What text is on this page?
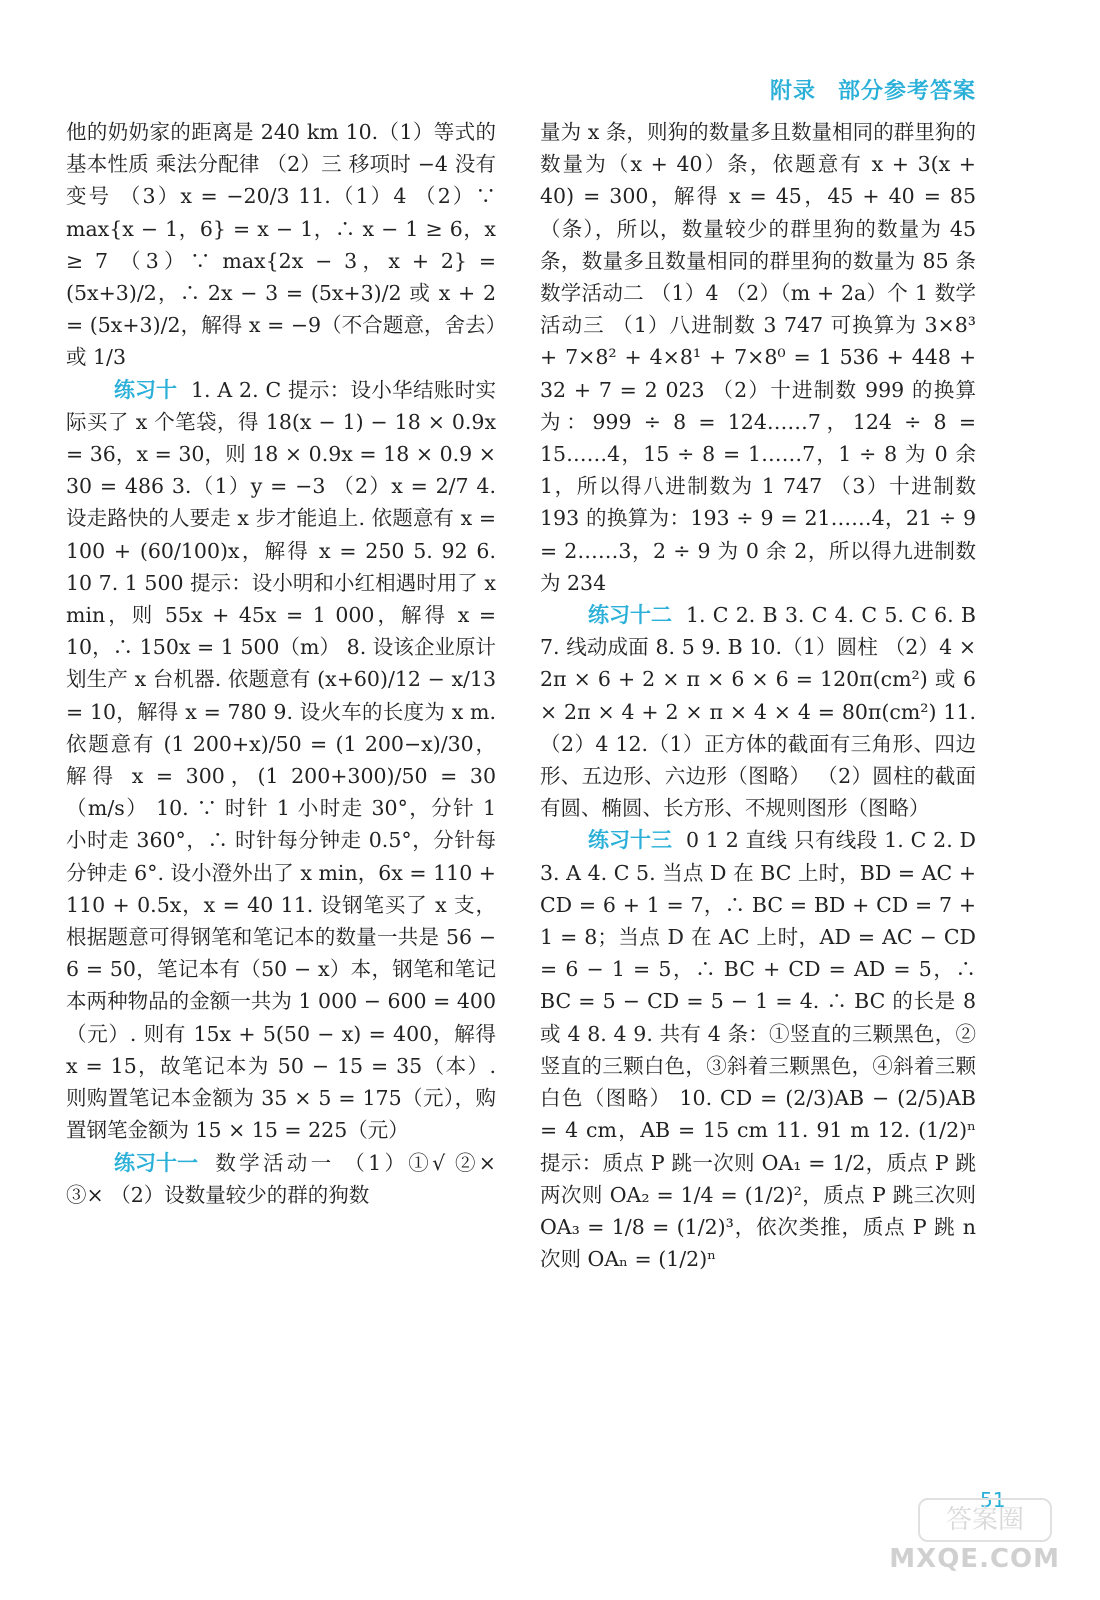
附录 部分参考答案

他的奶奶家的距离是 240 km 10.（1）等式的基本性质 乘法分配律 （2）三 移项时 −4 没有变号 （3）x = −20/3 11.（1）4 （2）∵ max{x − 1，6} = x − 1，∴ x − 1 ≥ 6，x ≥ 7 （3）∵ max{2x − 3，x + 2} = (5x+3)/2，∴ 2x − 3 = (5x+3)/2 或 x + 2 = (5x+3)/2，解得 x = −9（不合题意，舍去）或 1/3

练习十 1. A 2. C 提示：设小华结账时实际买了 x 个笔袋，得 18(x − 1) − 18 × 0.9x = 36，x = 30，则 18 × 0.9x = 18 × 0.9 × 30 = 486 3.（1）y = −3 （2）x = 2/7 4. 设走路快的人要走 x 步才能追上. 依题意有 x = 100 + (60/100)x，解得 x = 250 5. 92 6. 10 7. 1 500 提示：设小明和小红相遇时用了 x min，则 55x + 45x = 1 000，解得 x = 10，∴ 150x = 1 500（m） 8. 设该企业原计划生产 x 台机器. 依题意有 (x+60)/12 − x/13 = 10，解得 x = 780 9. 设火车的长度为 x m. 依题意有 (1 200+x)/50 = (1 200−x)/30，解得 x = 300，(1 200+300)/50 = 30（m/s） 10. ∵ 时针 1 小时走 30°，分针 1 小时走 360°，∴ 时针每分钟走 0.5°，分针每分钟走 6°. 设小澄外出了 x min，6x = 110 + 110 + 0.5x，x = 40 11. 设钢笔买了 x 支，根据题意可得钢笔和笔记本的数量一共是 56 − 6 = 50，笔记本有（50 − x）本，钢笔和笔记本两种物品的金额一共为 1 000 − 600 = 400（元）. 则有 15x + 5(50 − x) = 400，解得 x = 15，故笔记本为 50 − 15 = 35（本）. 则购置笔记本金额为 35 × 5 = 175（元），购置钢笔金额为 15 × 15 = 225（元）

练习十一 数学活动一 （1）①√ ②× ③× （2）设数量较少的群的狗数

量为 x 条，则狗的数量多且数量相同的群里狗的数量为（x + 40）条，依题意有 x + 3(x + 40) = 300，解得 x = 45，45 + 40 = 85（条），所以，数量较少的群里狗的数量为 45 条，数量多且数量相同的群里狗的数量为 85 条 数学活动二 （1）4 （2）（m + 2a）个 1 数学活动三 （1）八进制数 3 747 可换算为 3×8³ + 7×8² + 4×8¹ + 7×8⁰ = 1 536 + 448 + 32 + 7 = 2 023 （2）十进制数 999 的换算为：999 ÷ 8 = 124……7，124 ÷ 8 = 15……4，15 ÷ 8 = 1……7，1 ÷ 8 为 0 余 1，所以得八进制数为 1 747 （3）十进制数 193 的换算为：193 ÷ 9 = 21……4，21 ÷ 9 = 2……3，2 ÷ 9 为 0 余 2，所以得九进制数为 234

练习十二 1. C 2. B 3. C 4. C 5. C 6. B 7. 线动成面 8. 5 9. B 10.（1）圆柱 （2）4 × 2π × 6 + 2 × π × 6 × 6 = 120π(cm²) 或 6 × 2π × 4 + 2 × π × 4 × 4 = 80π(cm²) 11.（2）4 12.（1）正方体的截面有三角形、四边形、五边形、六边形（图略） （2）圆柱的截面有圆、椭圆、长方形、不规则图形（图略）

练习十三 0 1 2 直线 只有线段 1. C 2. D 3. A 4. C 5. 当点 D 在 BC 上时，BD = AC + CD = 6 + 1 = 7，∴ BC = BD + CD = 7 + 1 = 8；当点 D 在 AC 上时，AD = AC − CD = 6 − 1 = 5，∴ BC + CD = AD = 5，∴ BC = 5 − CD = 5 − 1 = 4. ∴ BC 的长是 8 或 4 8. 4 9. 共有 4 条：①竖直的三颗黑色，②竖直的三颗白色，③斜着三颗黑色，④斜着三颗白色（图略） 10. CD = (2/3)AB − (2/5)AB = 4 cm，AB = 15 cm 11. 91 m 12. (1/2)ⁿ 提示：质点 P 跳一次则 OA₁ = 1/2，质点 P 跳两次则 OA₂ = 1/4 = (1/2)²，质点 P 跳三次则 OA₃ = 1/8 = (1/2)³，依次类推，质点 P 跳 n 次则 OAₙ = (1/2)ⁿ

51
答案圈
MXQE.COM
